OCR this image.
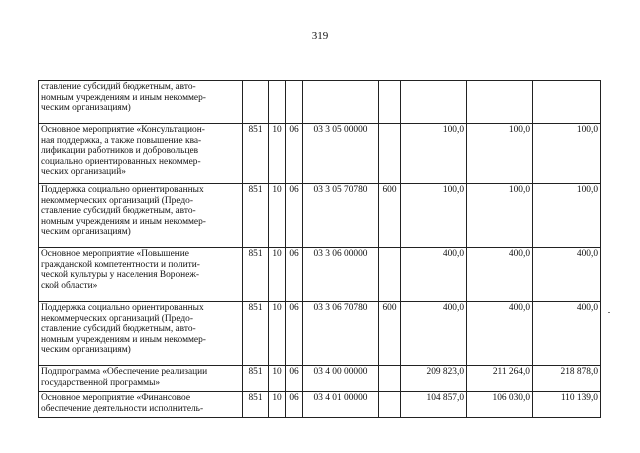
319
ставление субсидий бюджетным, авто-
номным учреждениям и иным некоммер-
ческим организациям)								

Основное мероприятие «Консультацион-
ная поддержка, а также повышение ква-
лификации работников и добровольцев
социально ориентированных некоммер-
ческих организаций»	851	10	06	03 3 05 00000		100,0	100,0	100,0

Поддержка социально ориентированных
некоммерческих организаций (Предо-
ставление субсидий бюджетным, авто-
номным учреждениям и иным некоммер-
ческим организациям)	851	10	06	03 3 05 70780	600	100,0	100,0	100,0

Основное мероприятие «Повышение
гражданской компетентности и полити-
ческой культуры у населения Воронеж-
ской области»	851	10	06	03 3 06 00000		400,0	400,0	400,0

Поддержка социально ориентированных
некоммерческих организаций (Предо-
ставление субсидий бюджетным, авто-
номным учреждениям и иным некоммер-
ческим организациям)	851	10	06	03 3 06 70780	600	400,0	400,0	400,0

Подпрограмма «Обеспечение реализации
государственной программы»	851	10	06	03 4 00 00000		209 823,0	211 264,0	218 878,0

Основное мероприятие «Финансовое
обеспечение деятельности исполнитель-	851	10	06	03 4 01 00000		104 857,0	106 030,0	110 139,0
